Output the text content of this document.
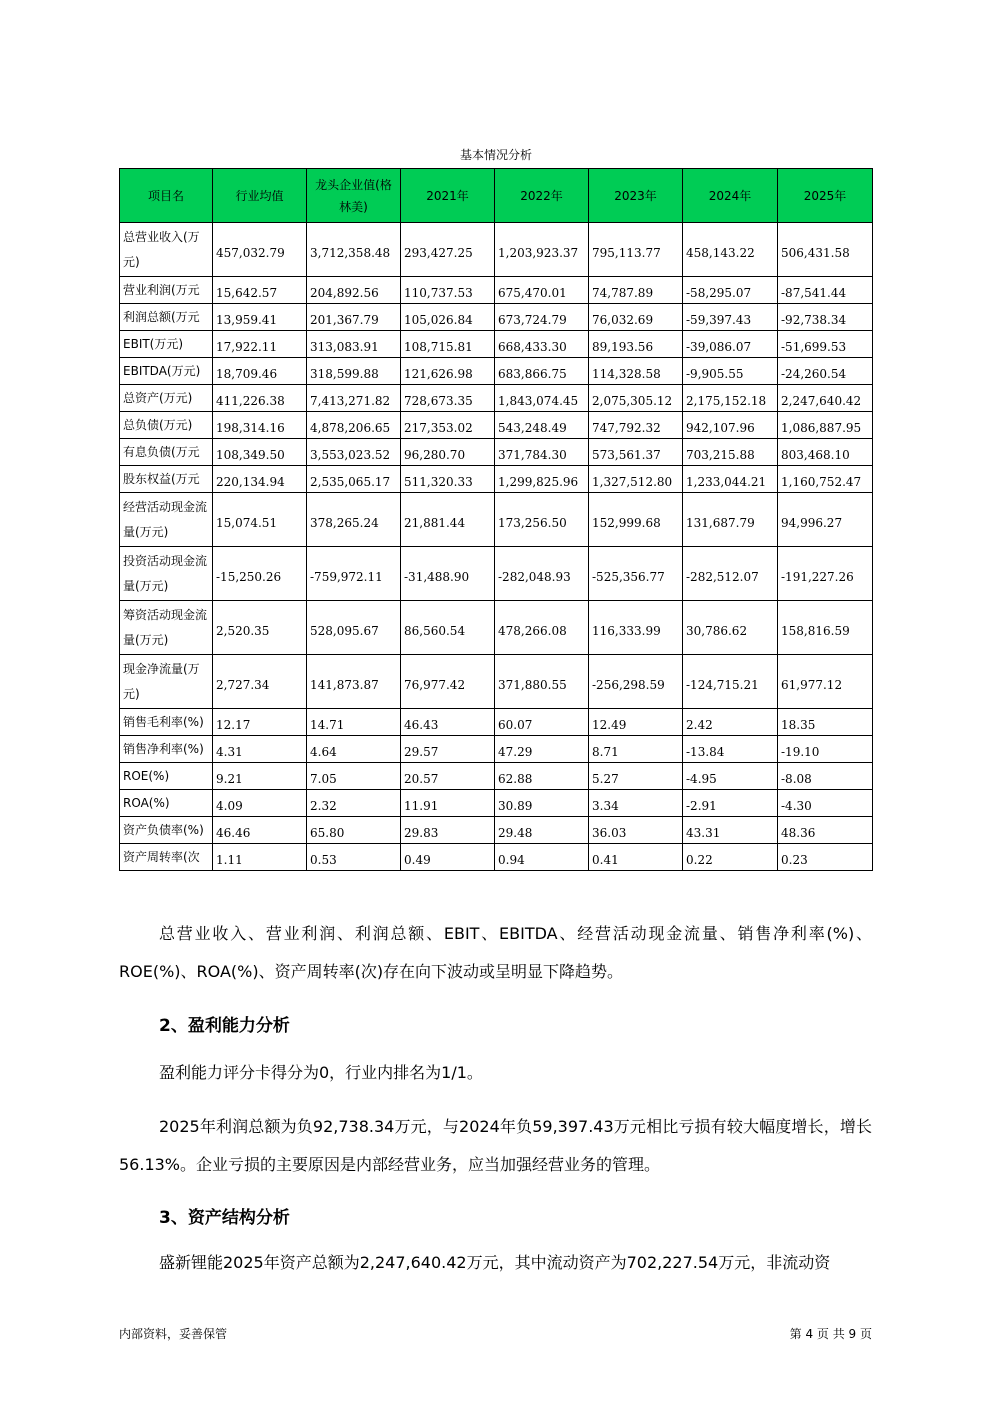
基本情况分析
项目名	行业均值	龙头企业值(格林美)	2021年	2022年	2023年	2024年	2025年
总营业收入(万元)	457,032.79	3,712,358.48	293,427.25	1,203,923.37	795,113.77	458,143.22	506,431.58
营业利润(万元	15,642.57	204,892.56	110,737.53	675,470.01	74,787.89	-58,295.07	-87,541.44
利润总额(万元	13,959.41	201,367.79	105,026.84	673,724.79	76,032.69	-59,397.43	-92,738.34
EBIT(万元)	17,922.11	313,083.91	108,715.81	668,433.30	89,193.56	-39,086.07	-51,699.53
EBITDA(万元)	18,709.46	318,599.88	121,626.98	683,866.75	114,328.58	-9,905.55	-24,260.54
总资产(万元)	411,226.38	7,413,271.82	728,673.35	1,843,074.45	2,075,305.12	2,175,152.18	2,247,640.42
总负债(万元)	198,314.16	4,878,206.65	217,353.02	543,248.49	747,792.32	942,107.96	1,086,887.95
有息负债(万元	108,349.50	3,553,023.52	96,280.70	371,784.30	573,561.37	703,215.88	803,468.10
股东权益(万元	220,134.94	2,535,065.17	511,320.33	1,299,825.96	1,327,512.80	1,233,044.21	1,160,752.47
经营活动现金流量(万元)	15,074.51	378,265.24	21,881.44	173,256.50	152,999.68	131,687.79	94,996.27
投资活动现金流量(万元)	-15,250.26	-759,972.11	-31,488.90	-282,048.93	-525,356.77	-282,512.07	-191,227.26
筹资活动现金流量(万元)	2,520.35	528,095.67	86,560.54	478,266.08	116,333.99	30,786.62	158,816.59
现金净流量(万元)	2,727.34	141,873.87	76,977.42	371,880.55	-256,298.59	-124,715.21	61,977.12
销售毛利率(%)	12.17	14.71	46.43	60.07	12.49	2.42	18.35
销售净利率(%)	4.31	4.64	29.57	47.29	8.71	-13.84	-19.10
ROE(%)	9.21	7.05	20.57	62.88	5.27	-4.95	-8.08
ROA(%)	4.09	2.32	11.91	30.89	3.34	-2.91	-4.30
资产负债率(%)	46.46	65.80	29.83	29.48	36.03	43.31	48.36
资产周转率(次	1.11	0.53	0.49	0.94	0.41	0.22	0.23
总营业收入、营业利润、利润总额、EBIT、EBITDA、经营活动现金流量、销售净利率(%)、ROE(%)、ROA(%)、资产周转率(次)存在向下波动或呈明显下降趋势。
2、盈利能力分析
盈利能力评分卡得分为0，行业内排名为1/1。
2025年利润总额为负92,738.34万元，与2024年负59,397.43万元相比亏损有较大幅度增长，增长56.13%。企业亏损的主要原因是内部经营业务，应当加强经营业务的管理。
3、资产结构分析
盛新锂能2025年资产总额为2,247,640.42万元，其中流动资产为702,227.54万元，非流动资
内部资料，妥善保管	第 4 页 共 9 页
